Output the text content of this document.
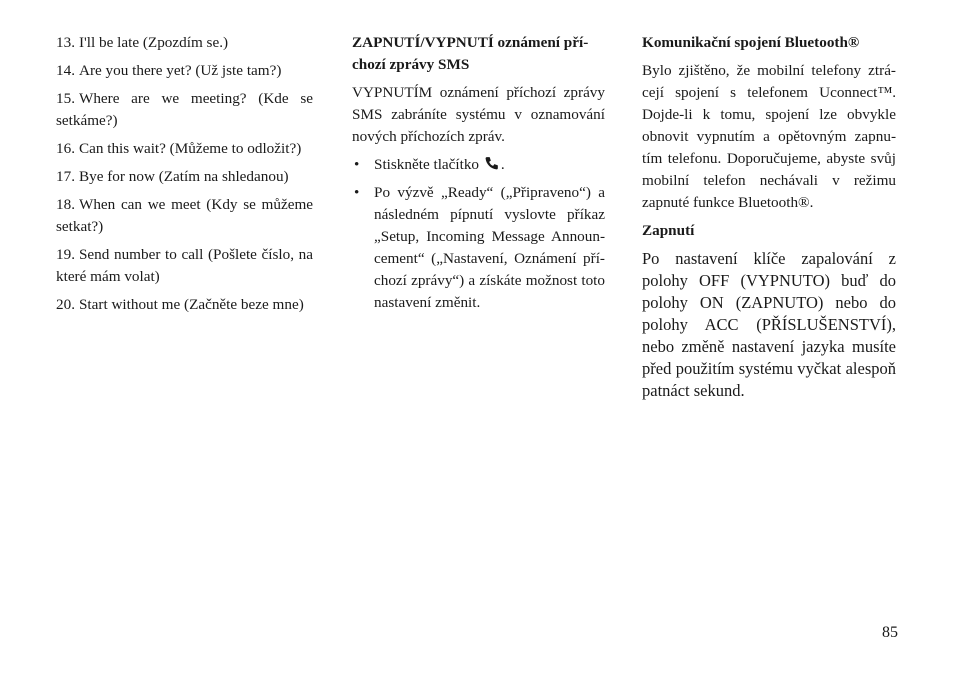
13. I'll be late (Zpozdím se.)

14. Are you there yet? (Už jste tam?)

15. Where are we meeting? (Kde se setkáme?)

16. Can this wait? (Můžeme to odložit?)

17. Bye for now (Zatím na shledanou)

18. When can we meet (Kdy se můžeme setkat?)

19. Send number to call (Pošlete číslo, na které mám volat)

20. Start without me (Začněte beze mne)

ZAPNUTÍ/VYPNUTÍ oznámení pří-chozí zprávy SMS

VYPNUTÍM oznámení příchozí zprávy SMS zabráníte systému v oznamování nových příchozích zpráv.

• Stiskněte tlačítko .
• Po výzvě „Ready“ („Připraveno“) a následném pípnutí vyslovte příkaz „Setup, Incoming Message Announ-cement“ („Nastavení, Oznámení pří-chozí zprávy“) a získáte možnost toto nastavení změnit.
Komunikační spojení Bluetooth®

Bylo zjištěno, že mobilní telefony ztrá-cejí spojení s telefonem Uconnect™. Dojde-li k tomu, spojení lze obvykle obnovit vypnutím a opětovným zapnu-tím telefonu. Doporučujeme, abyste svůj mobilní telefon nechávali v režimu zapnuté funkce Bluetooth®.

Zapnutí

Po nastavení klíče zapalování z polohy OFF (VYPNUTO) buď do polohy ON (ZAPNUTO) nebo do polohy ACC (PŘÍSLUŠENSTVÍ), nebo změně nastavení jazyka musíte před použitím systému vyčkat alespoň patnáct sekund.

85
